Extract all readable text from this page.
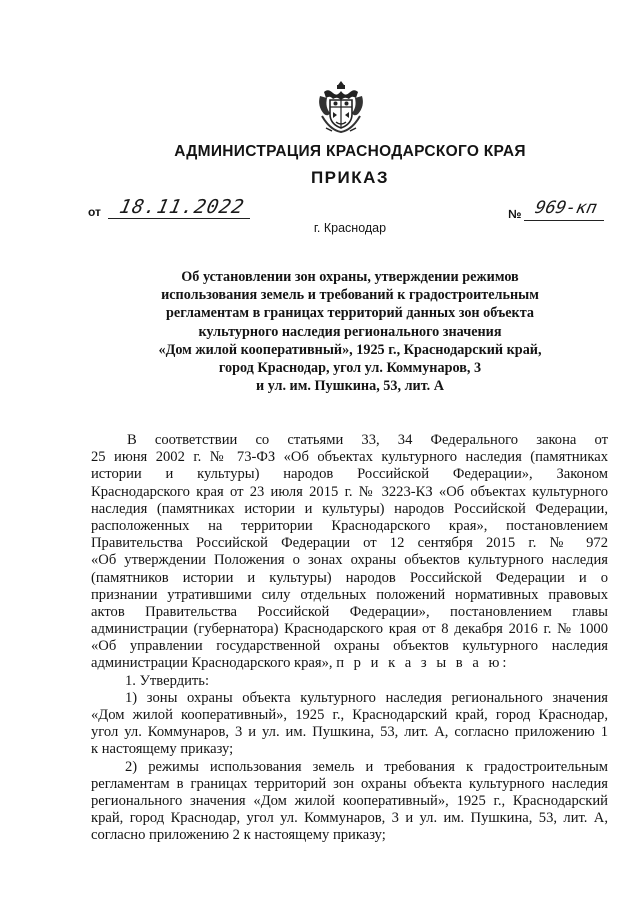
АДМИНИСТРАЦИЯ КРАСНОДАРСКОГО КРАЯ
ПРИКАЗ
от 18.11.2022	№ 969-кп
г. Краснодар
Об установлении зон охраны, утверждении режимов
использования земель и требований к градостроительным
регламентам в границах территорий данных зон объекта
культурного наследия регионального значения
«Дом жилой кооперативный», 1925 г., Краснодарский край,
город Краснодар, угол ул. Коммунаров, 3
и ул. им. Пушкина, 53, лит. А
В соответствии со статьями 33, 34 Федерального закона от
25 июня 2002 г. № 73-ФЗ «Об объектах культурного наследия (памятниках
истории и культуры) народов Российской Федерации», Законом
Краснодарского края от 23 июля 2015 г. № 3223-КЗ «Об объектах культурного
наследия (памятниках истории и культуры) народов Российской Федерации,
расположенных на территории Краснодарского края», постановлением
Правительства Российской Федерации от 12 сентября 2015 г. № 972
«Об утверждении Положения о зонах охраны объектов культурного наследия
(памятников истории и культуры) народов Российской Федерации и о
признании утратившими силу отдельных положений нормативных правовых
актов Правительства Российской Федерации», постановлением главы
администрации (губернатора) Краснодарского края от 8 декабря 2016 г. № 1000
«Об управлении государственной охраны объектов культурного наследия
администрации Краснодарского края», п р и к а з ы в а ю:
1. Утвердить:
1) зоны охраны объекта культурного наследия регионального значения
«Дом жилой кооперативный», 1925 г., Краснодарский край, город Краснодар,
угол ул. Коммунаров, 3 и ул. им. Пушкина, 53, лит. А, согласно приложению 1
к настоящему приказу;
2) режимы использования земель и требования к градостроительным
регламентам в границах территорий зон охраны объекта культурного наследия
регионального значения «Дом жилой кооперативный», 1925 г., Краснодарский
край, город Краснодар, угол ул. Коммунаров, 3 и ул. им. Пушкина, 53, лит. А,
согласно приложению 2 к настоящему приказу;
